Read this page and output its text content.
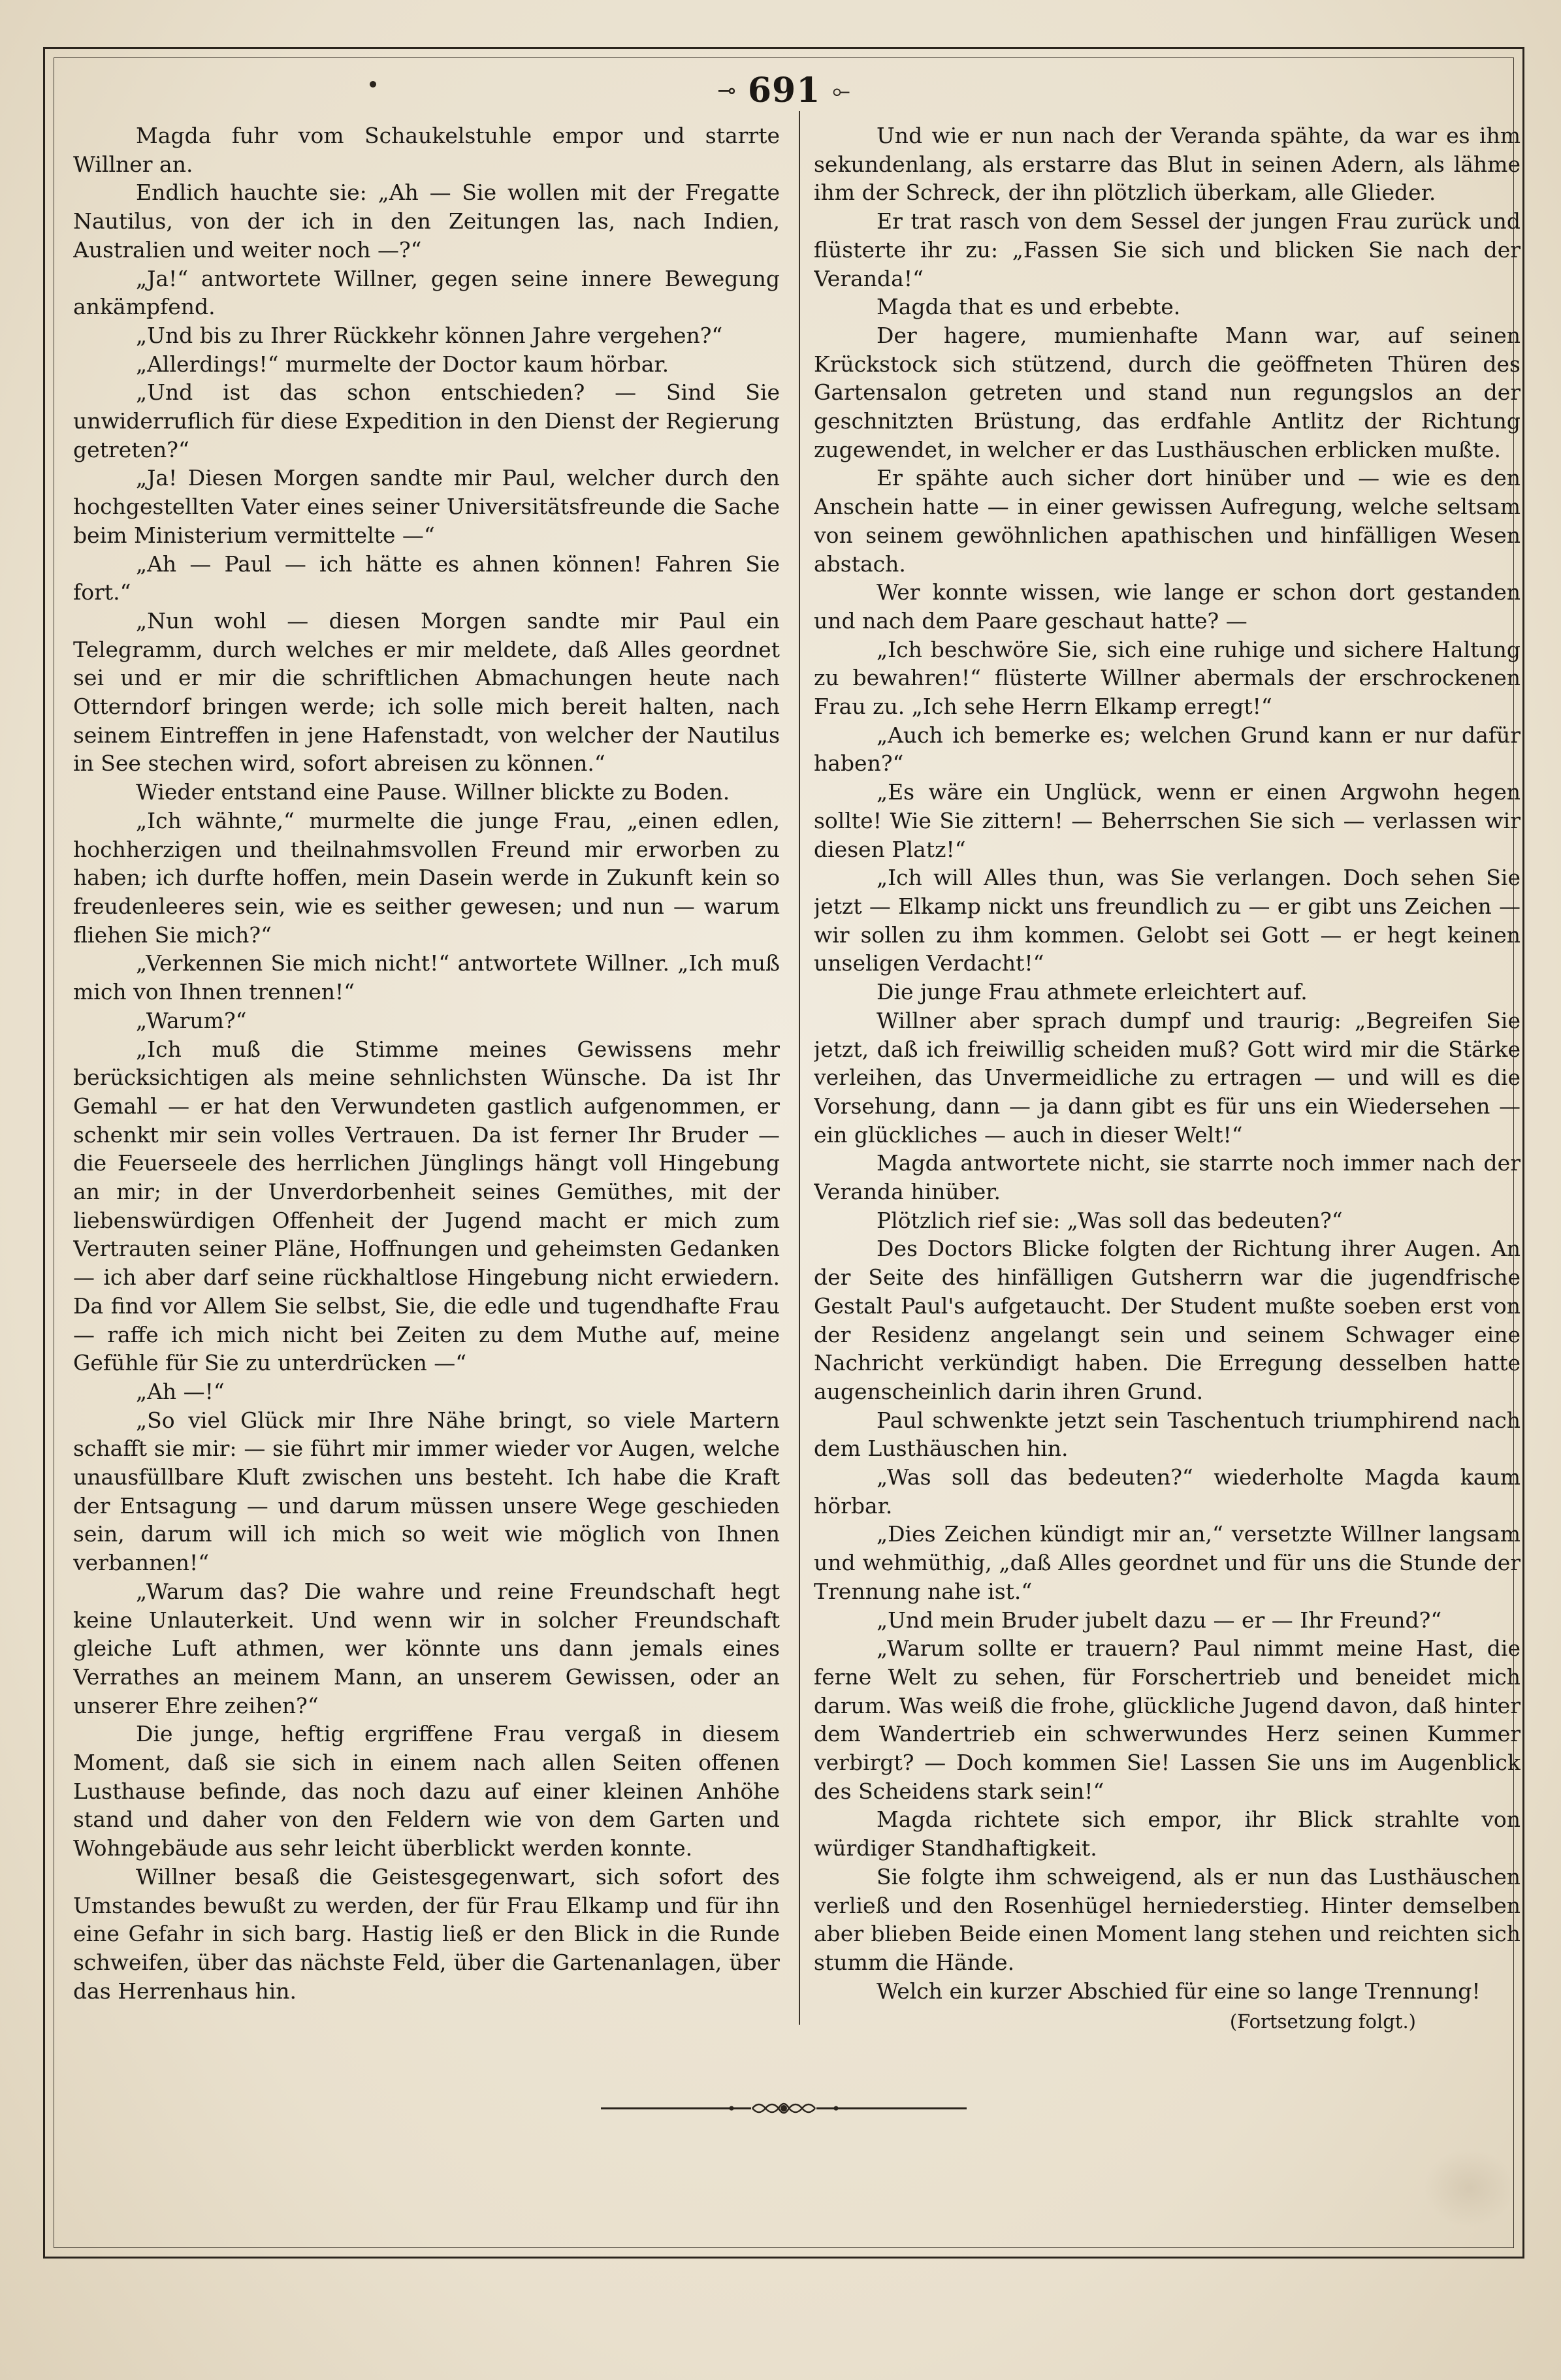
⊸ 691 ⟜

Magda fuhr vom Schaukelstuhle empor und starrte Willner an.

Endlich hauchte sie: „Ah — Sie wollen mit der Fregatte Nautilus, von der ich in den Zeitungen las, nach Indien, Australien und weiter noch —?“

„Ja!“ antwortete Willner, gegen seine innere Bewegung ankämpfend.

„Und bis zu Ihrer Rückkehr können Jahre vergehen?“

„Allerdings!“ murmelte der Doctor kaum hörbar.

„Und ist das schon entschieden? — Sind Sie unwiderruflich für diese Expedition in den Dienst der Regierung getreten?“

„Ja! Diesen Morgen sandte mir Paul, welcher durch den hochgestellten Vater eines seiner Universitätsfreunde die Sache beim Ministerium vermittelte —“

„Ah — Paul — ich hätte es ahnen können! Fahren Sie fort.“

„Nun wohl — diesen Morgen sandte mir Paul ein Telegramm, durch welches er mir meldete, daß Alles geordnet sei und er mir die schriftlichen Abmachungen heute nach Otterndorf bringen werde; ich solle mich bereit halten, nach seinem Eintreffen in jene Hafenstadt, von welcher der Nautilus in See stechen wird, sofort abreisen zu können.“

Wieder entstand eine Pause. Willner blickte zu Boden.

„Ich wähnte,“ murmelte die junge Frau, „einen edlen, hochherzigen und theilnahmsvollen Freund mir erworben zu haben; ich durfte hoffen, mein Dasein werde in Zukunft kein so freudenleeres sein, wie es seither gewesen; und nun — warum fliehen Sie mich?“

„Verkennen Sie mich nicht!“ antwortete Willner. „Ich muß mich von Ihnen trennen!“

„Warum?“

„Ich muß die Stimme meines Gewissens mehr berücksichtigen als meine sehnlichsten Wünsche. Da ist Ihr Gemahl — er hat den Verwundeten gastlich aufgenommen, er schenkt mir sein volles Vertrauen. Da ist ferner Ihr Bruder — die Feuerseele des herrlichen Jünglings hängt voll Hingebung an mir; in der Unverdorbenheit seines Gemüthes, mit der liebenswürdigen Offenheit der Jugend macht er mich zum Vertrauten seiner Pläne, Hoffnungen und geheimsten Gedanken — ich aber darf seine rückhaltlose Hingebung nicht erwiedern. Da find vor Allem Sie selbst, Sie, die edle und tugendhafte Frau — raffe ich mich nicht bei Zeiten zu dem Muthe auf, meine Gefühle für Sie zu unterdrücken —“

„Ah —!“

„So viel Glück mir Ihre Nähe bringt, so viele Martern schafft sie mir: — sie führt mir immer wieder vor Augen, welche unausfüllbare Kluft zwischen uns besteht. Ich habe die Kraft der Entsagung — und darum müssen unsere Wege geschieden sein, darum will ich mich so weit wie möglich von Ihnen verbannen!“

„Warum das? Die wahre und reine Freundschaft hegt keine Unlauterkeit. Und wenn wir in solcher Freundschaft gleiche Luft athmen, wer könnte uns dann jemals eines Verrathes an meinem Mann, an unserem Gewissen, oder an unserer Ehre zeihen?“

Die junge, heftig ergriffene Frau vergaß in diesem Moment, daß sie sich in einem nach allen Seiten offenen Lusthause befinde, das noch dazu auf einer kleinen Anhöhe stand und daher von den Feldern wie von dem Garten und Wohngebäude aus sehr leicht überblickt werden konnte.

Willner besaß die Geistesgegenwart, sich sofort des Umstandes bewußt zu werden, der für Frau Elkamp und für ihn eine Gefahr in sich barg. Hastig ließ er den Blick in die Runde schweifen, über das nächste Feld, über die Gartenanlagen, über das Herrenhaus hin.

Und wie er nun nach der Veranda spähte, da war es ihm sekundenlang, als erstarre das Blut in seinen Adern, als lähme ihm der Schreck, der ihn plötzlich überkam, alle Glieder.

Er trat rasch von dem Sessel der jungen Frau zurück und flüsterte ihr zu: „Fassen Sie sich und blicken Sie nach der Veranda!“

Magda that es und erbebte.

Der hagere, mumienhafte Mann war, auf seinen Krückstock sich stützend, durch die geöffneten Thüren des Gartensalon getreten und stand nun regungslos an der geschnitzten Brüstung, das erdfahle Antlitz der Richtung zugewendet, in welcher er das Lusthäuschen erblicken mußte.

Er spähte auch sicher dort hinüber und — wie es den Anschein hatte — in einer gewissen Aufregung, welche seltsam von seinem gewöhnlichen apathischen und hinfälligen Wesen abstach.

Wer konnte wissen, wie lange er schon dort gestanden und nach dem Paare geschaut hatte? —

„Ich beschwöre Sie, sich eine ruhige und sichere Haltung zu bewahren!“ flüsterte Willner abermals der erschrockenen Frau zu. „Ich sehe Herrn Elkamp erregt!“

„Auch ich bemerke es; welchen Grund kann er nur dafür haben?“

„Es wäre ein Unglück, wenn er einen Argwohn hegen sollte! Wie Sie zittern! — Beherrschen Sie sich — verlassen wir diesen Platz!“

„Ich will Alles thun, was Sie verlangen. Doch sehen Sie jetzt — Elkamp nickt uns freundlich zu — er gibt uns Zeichen — wir sollen zu ihm kommen. Gelobt sei Gott — er hegt keinen unseligen Verdacht!“

Die junge Frau athmete erleichtert auf.

Willner aber sprach dumpf und traurig: „Begreifen Sie jetzt, daß ich freiwillig scheiden muß? Gott wird mir die Stärke verleihen, das Unvermeidliche zu ertragen — und will es die Vorsehung, dann — ja dann gibt es für uns ein Wiedersehen — ein glückliches — auch in dieser Welt!“

Magda antwortete nicht, sie starrte noch immer nach der Veranda hinüber.

Plötzlich rief sie: „Was soll das bedeuten?“

Des Doctors Blicke folgten der Richtung ihrer Augen. An der Seite des hinfälligen Gutsherrn war die jugendfrische Gestalt Paul's aufgetaucht. Der Student mußte soeben erst von der Residenz angelangt sein und seinem Schwager eine Nachricht verkündigt haben. Die Erregung desselben hatte augenscheinlich darin ihren Grund.

Paul schwenkte jetzt sein Taschentuch triumphirend nach dem Lusthäuschen hin.

„Was soll das bedeuten?“ wiederholte Magda kaum hörbar.

„Dies Zeichen kündigt mir an,“ versetzte Willner langsam und wehmüthig, „daß Alles geordnet und für uns die Stunde der Trennung nahe ist.“

„Und mein Bruder jubelt dazu — er — Ihr Freund?“

„Warum sollte er trauern? Paul nimmt meine Hast, die ferne Welt zu sehen, für Forschertrieb und beneidet mich darum. Was weiß die frohe, glückliche Jugend davon, daß hinter dem Wandertrieb ein schwerwundes Herz seinen Kummer verbirgt? — Doch kommen Sie! Lassen Sie uns im Augenblick des Scheidens stark sein!“

Magda richtete sich empor, ihr Blick strahlte von würdiger Standhaftigkeit.

Sie folgte ihm schweigend, als er nun das Lusthäuschen verließ und den Rosenhügel herniederstieg. Hinter demselben aber blieben Beide einen Moment lang stehen und reichten sich stumm die Hände.

Welch ein kurzer Abschied für eine so lange Trennung!

(Fortsetzung folgt.)
